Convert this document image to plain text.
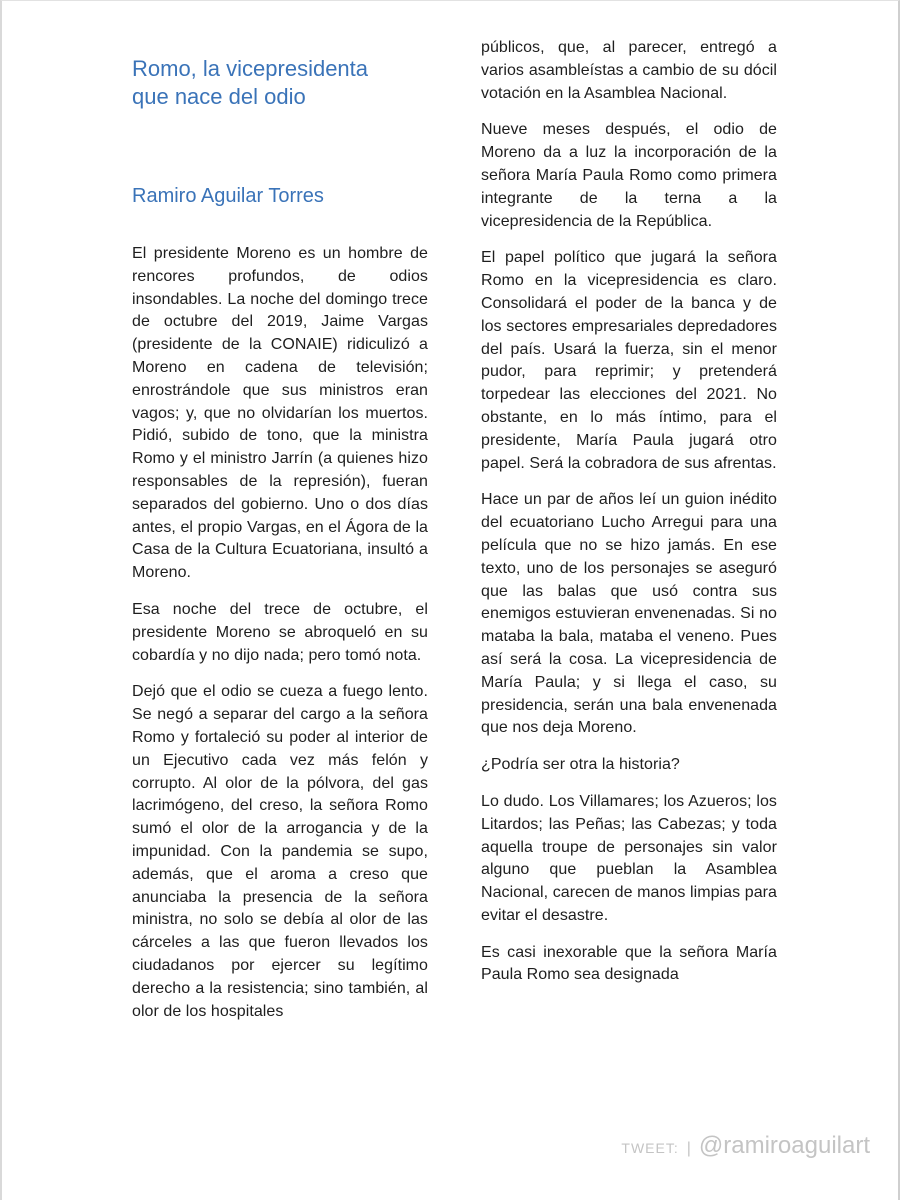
Romo, la vicepresidenta
que nace del odio
Ramiro Aguilar Torres

El presidente Moreno es un hombre de rencores profundos, de odios insondables. La noche del domingo trece de octubre del 2019, Jaime Vargas (presidente de la CONAIE) ridiculizó a Moreno en cadena de televisión; enrostrándole que sus ministros eran vagos; y, que no olvidarían los muertos. Pidió, subido de tono, que la ministra Romo y el ministro Jarrín (a quienes hizo responsables de la represión), fueran separados del gobierno. Uno o dos días antes, el propio Vargas, en el Ágora de la Casa de la Cultura Ecuatoriana, insultó a Moreno.

Esa noche del trece de octubre, el presidente Moreno se abroqueló en su cobardía y no dijo nada; pero tomó nota.

Dejó que el odio se cueza a fuego lento. Se negó a separar del cargo a la señora Romo y fortaleció su poder al interior de un Ejecutivo cada vez más felón y corrupto. Al olor de la pólvora, del gas lacrimógeno, del creso, la señora Romo sumó el olor de la arrogancia y de la impunidad. Con la pandemia se supo, además, que el aroma a creso que anunciaba la presencia de la señora ministra, no solo se debía al olor de las cárceles a las que fueron llevados los ciudadanos por ejercer su legítimo derecho a la resistencia; sino también, al olor de los hospitales

públicos, que, al parecer, entregó a varios asambleístas a cambio de su dócil votación en la Asamblea Nacional.

Nueve meses después, el odio de Moreno da a luz la incorporación de la señora María Paula Romo como primera integrante de la terna a la vicepresidencia de la República.

El papel político que jugará la señora Romo en la vicepresidencia es claro. Consolidará el poder de la banca y de los sectores empresariales depredadores del país. Usará la fuerza, sin el menor pudor, para reprimir; y pretenderá torpedear las elecciones del 2021. No obstante, en lo más íntimo, para el presidente, María Paula jugará otro papel. Será la cobradora de sus afrentas.

Hace un par de años leí un guion inédito del ecuatoriano Lucho Arregui para una película que no se hizo jamás. En ese texto, uno de los personajes se aseguró que las balas que usó contra sus enemigos estuvieran envenenadas. Si no mataba la bala, mataba el veneno. Pues así será la cosa. La vicepresidencia de María Paula; y si llega el caso, su presidencia, serán una bala envenenada que nos deja Moreno.

¿Podría ser otra la historia?

Lo dudo. Los Villamares; los Azueros; los Litardos; las Peñas; las Cabezas; y toda aquella troupe de personajes sin valor alguno que pueblan la Asamblea Nacional, carecen de manos limpias para evitar el desastre.

Es casi inexorable que la señora María Paula Romo sea designada

TWEET: | @ramiroaguilart
